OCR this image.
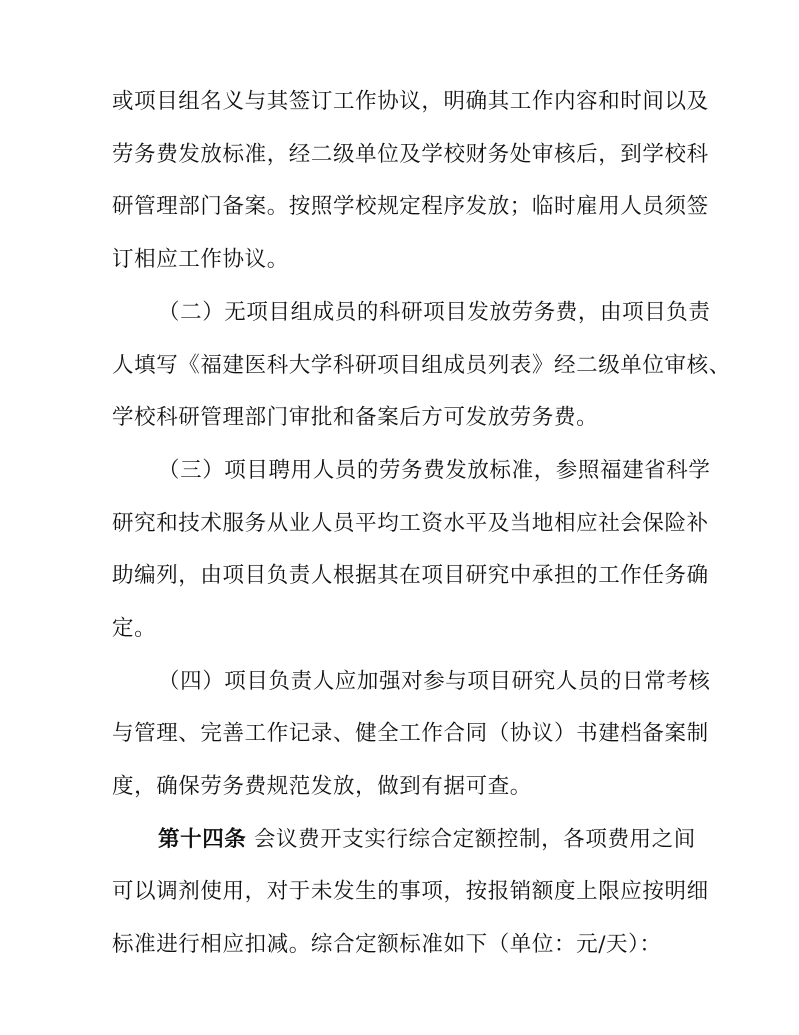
或项目组名义与其签订工作协议，明确其工作内容和时间以及
劳务费发放标准，经二级单位及学校财务处审核后，到学校科
研管理部门备案。按照学校规定程序发放；临时雇用人员须签
订相应工作协议。
（二）无项目组成员的科研项目发放劳务费，由项目负责
人填写《福建医科大学科研项目组成员列表》经二级单位审核、
学校科研管理部门审批和备案后方可发放劳务费。
（三）项目聘用人员的劳务费发放标准，参照福建省科学
研究和技术服务从业人员平均工资水平及当地相应社会保险补
助编列，由项目负责人根据其在项目研究中承担的工作任务确
定。
（四）项目负责人应加强对参与项目研究人员的日常考核
与管理、完善工作记录、健全工作合同（协议）书建档备案制
度，确保劳务费规范发放，做到有据可查。
第十四条 会议费开支实行综合定额控制，各项费用之间
可以调剂使用，对于未发生的事项，按报销额度上限应按明细
标准进行相应扣减。综合定额标准如下（单位：元/天）：
